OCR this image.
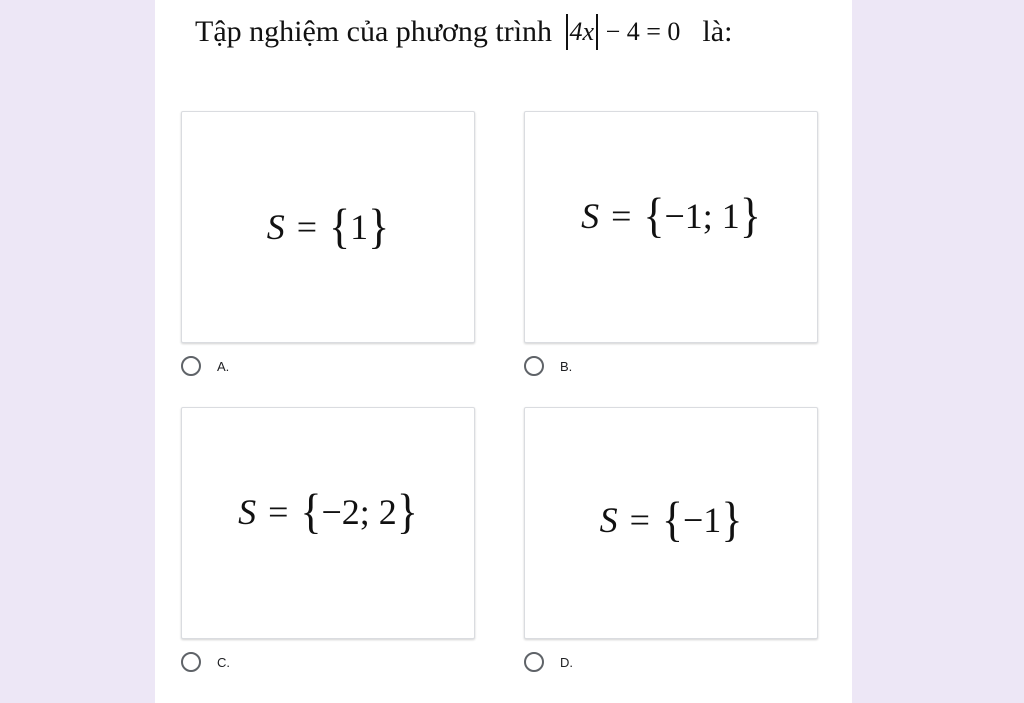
Tập nghiệm của phương trình 4x − 4 = 0 là:
S = { 1 }
A.
S = { −1; 1 }
B.
S = { −2; 2 }
C.
S = { −1 }
D.
